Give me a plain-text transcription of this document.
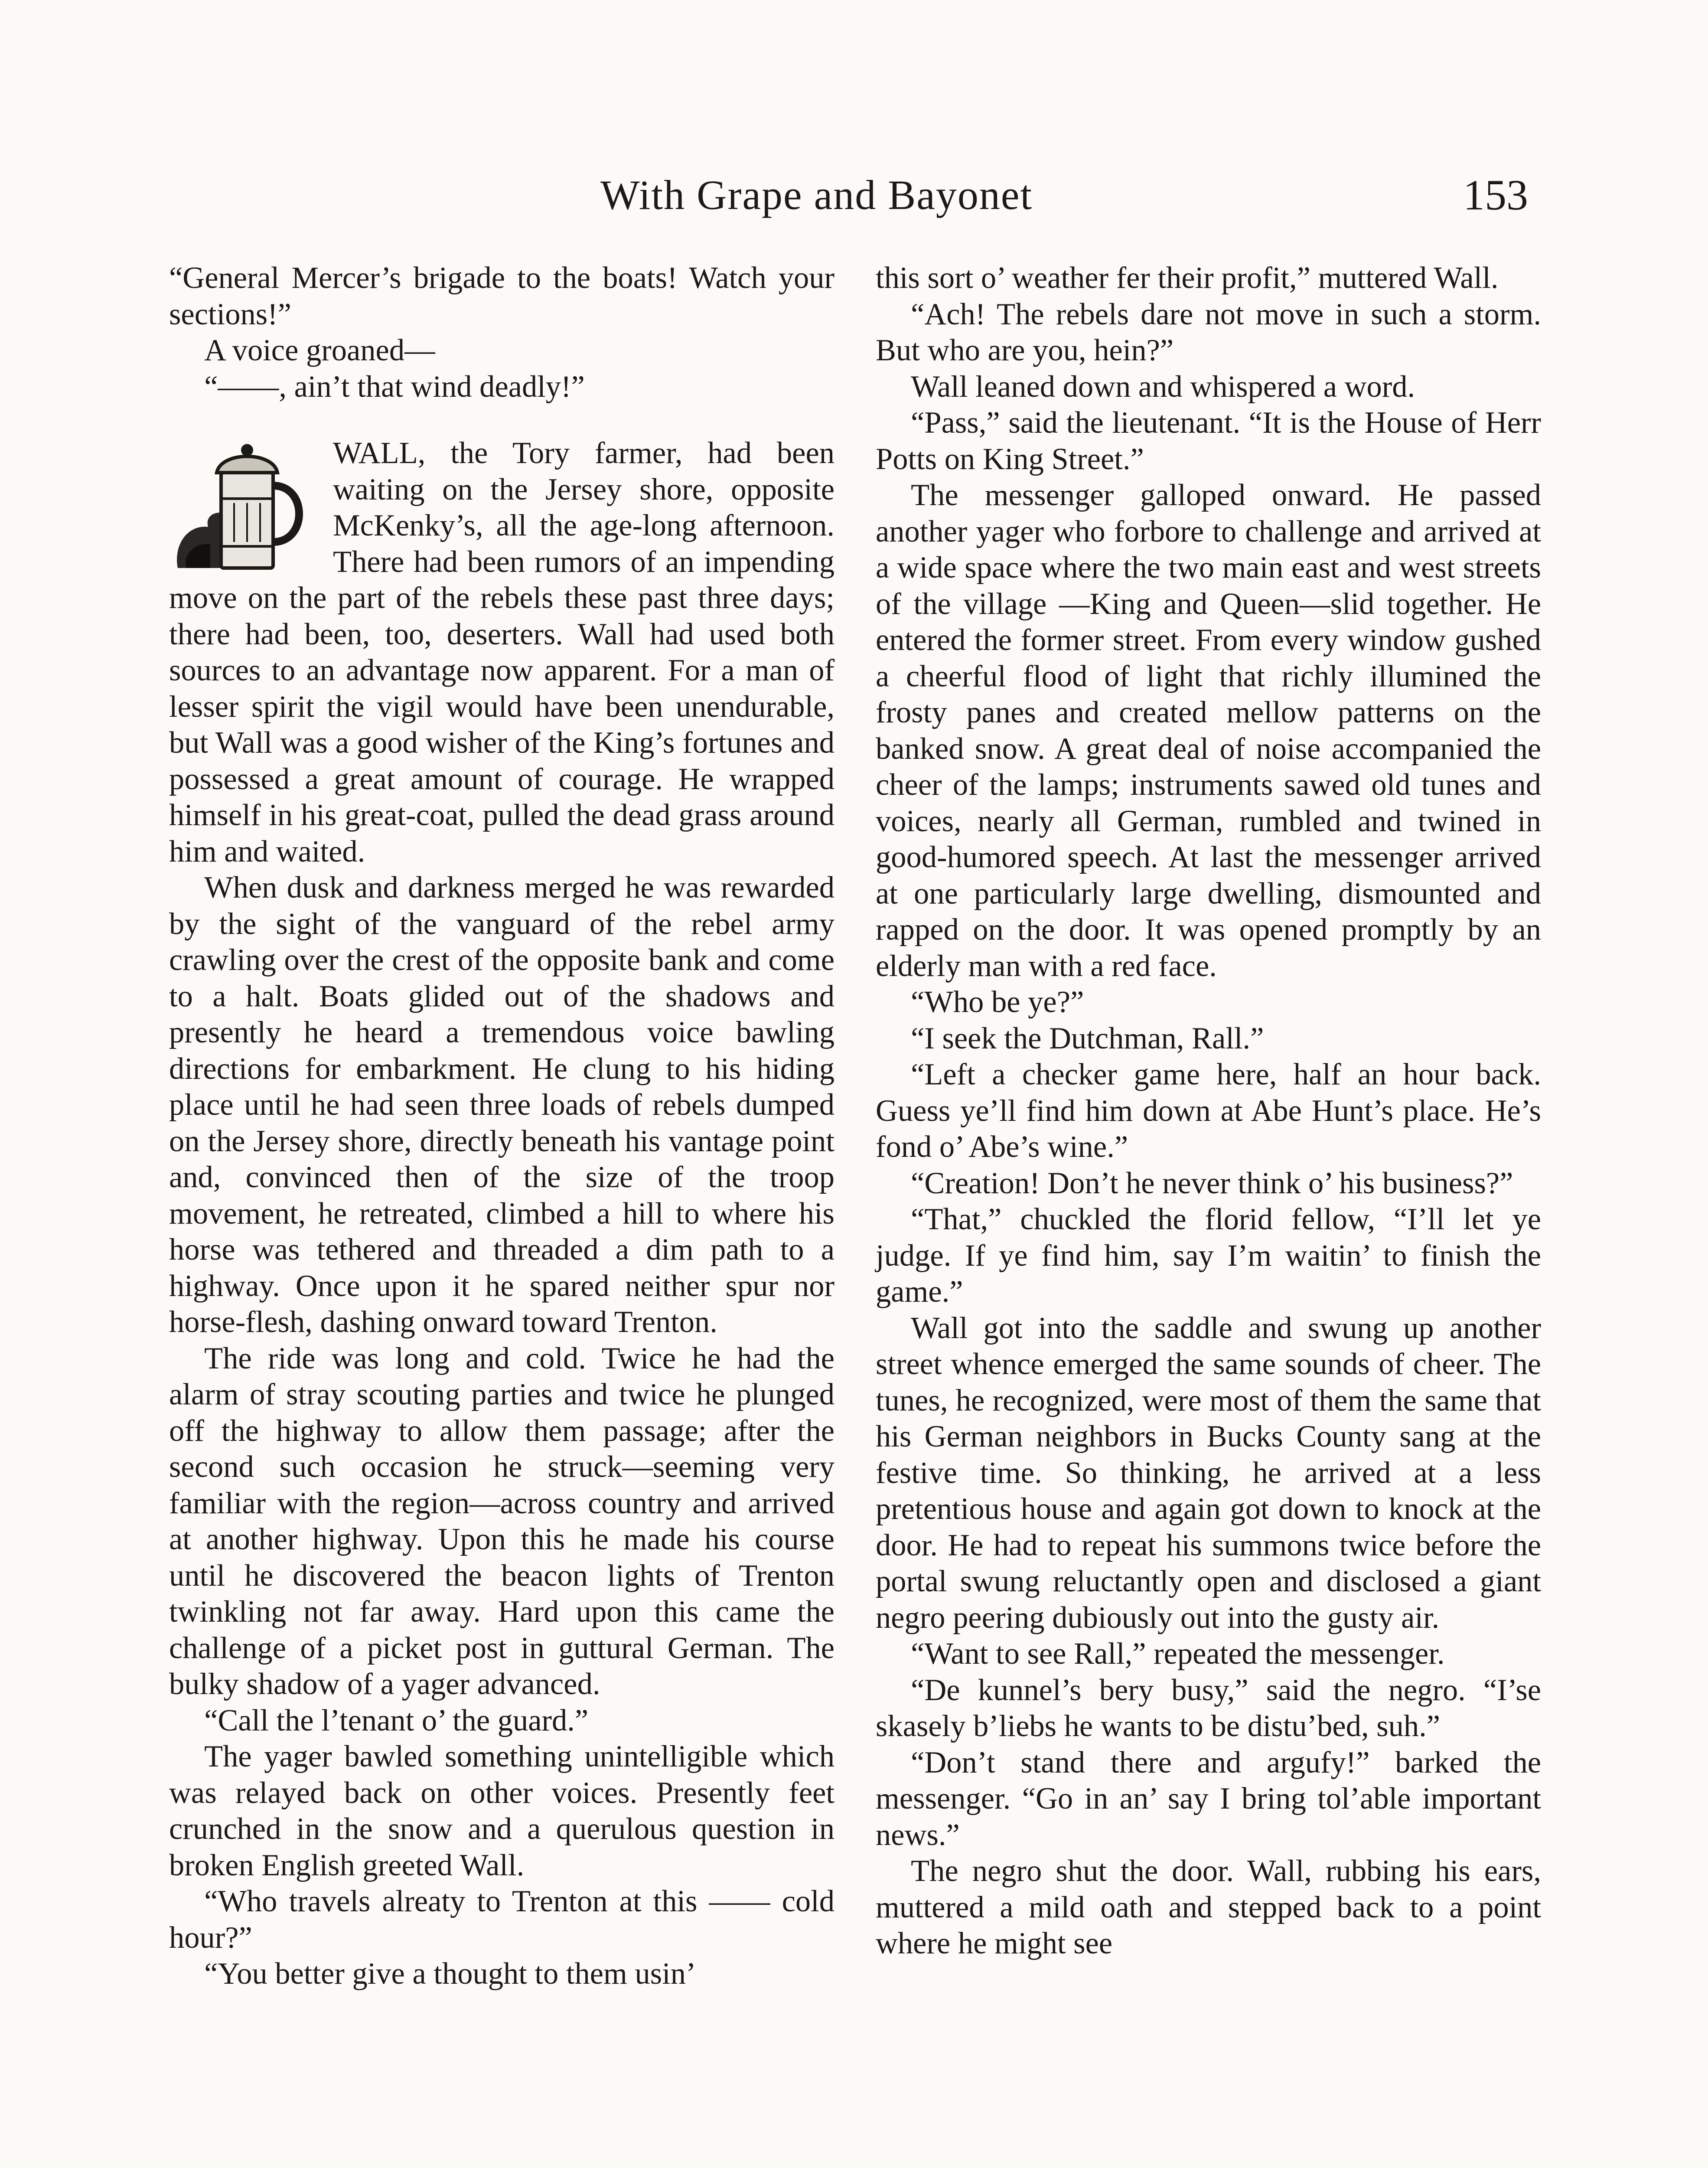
With Grape and Bayonet	153

“General Mercer’s brigade to the boats! Watch your sections!”

A voice groaned—

“——, ain’t that wind deadly!”

WALL, the Tory farmer, had been waiting on the Jersey shore, opposite McKenky’s, all the age-long afternoon. There had been rumors of an impending move on the part of the rebels these past three days; there had been, too, deserters. Wall had used both sources to an advantage now apparent. For a man of lesser spirit the vigil would have been unendurable, but Wall was a good wisher of the King’s fortunes and possessed a great amount of courage. He wrapped himself in his great-coat, pulled the dead grass around him and waited.

When dusk and darkness merged he was rewarded by the sight of the vanguard of the rebel army crawling over the crest of the opposite bank and come to a halt. Boats glided out of the shadows and presently he heard a tremendous voice bawling directions for embarkment. He clung to his hiding place until he had seen three loads of rebels dumped on the Jersey shore, directly beneath his vantage point and, convinced then of the size of the troop movement, he retreated, climbed a hill to where his horse was tethered and threaded a dim path to a highway. Once upon it he spared neither spur nor horse-flesh, dashing onward toward Trenton.

The ride was long and cold. Twice he had the alarm of stray scouting parties and twice he plunged off the highway to allow them passage; after the second such occasion he struck—seeming very familiar with the region—across country and arrived at another highway. Upon this he made his course until he discovered the beacon lights of Trenton twinkling not far away. Hard upon this came the challenge of a picket post in guttural German. The bulky shadow of a yager advanced.

“Call the l’tenant o’ the guard.”

The yager bawled something unintelligible which was relayed back on other voices. Presently feet crunched in the snow and a querulous question in broken English greeted Wall.

“Who travels alreaty to Trenton at this —— cold hour?”

“You better give a thought to them usin’

this sort o’ weather fer their profit,” muttered Wall.

“Ach! The rebels dare not move in such a storm. But who are you, hein?”

Wall leaned down and whispered a word.

“Pass,” said the lieutenant. “It is the House of Herr Potts on King Street.”

The messenger galloped onward. He passed another yager who forbore to challenge and arrived at a wide space where the two main east and west streets of the village —King and Queen—slid together. He entered the former street. From every window gushed a cheerful flood of light that richly illumined the frosty panes and created mellow patterns on the banked snow. A great deal of noise accompanied the cheer of the lamps; instruments sawed old tunes and voices, nearly all German, rumbled and twined in good-humored speech. At last the messenger arrived at one particularly large dwelling, dismounted and rapped on the door. It was opened promptly by an elderly man with a red face.

“Who be ye?”

“I seek the Dutchman, Rall.”

“Left a checker game here, half an hour back. Guess ye’ll find him down at Abe Hunt’s place. He’s fond o’ Abe’s wine.”

“Creation! Don’t he never think o’ his business?”

“That,” chuckled the florid fellow, “I’ll let ye judge. If ye find him, say I’m waitin’ to finish the game.”

Wall got into the saddle and swung up another street whence emerged the same sounds of cheer. The tunes, he recognized, were most of them the same that his German neighbors in Bucks County sang at the festive time. So thinking, he arrived at a less pretentious house and again got down to knock at the door. He had to repeat his summons twice before the portal swung reluctantly open and disclosed a giant negro peering dubiously out into the gusty air.

“Want to see Rall,” repeated the messenger.

“De kunnel’s bery busy,” said the negro. “I’se skasely b’liebs he wants to be distu’bed, suh.”

“Don’t stand there and argufy!” barked the messenger. “Go in an’ say I bring tol’able important news.”

The negro shut the door. Wall, rubbing his ears, muttered a mild oath and stepped back to a point where he might see
